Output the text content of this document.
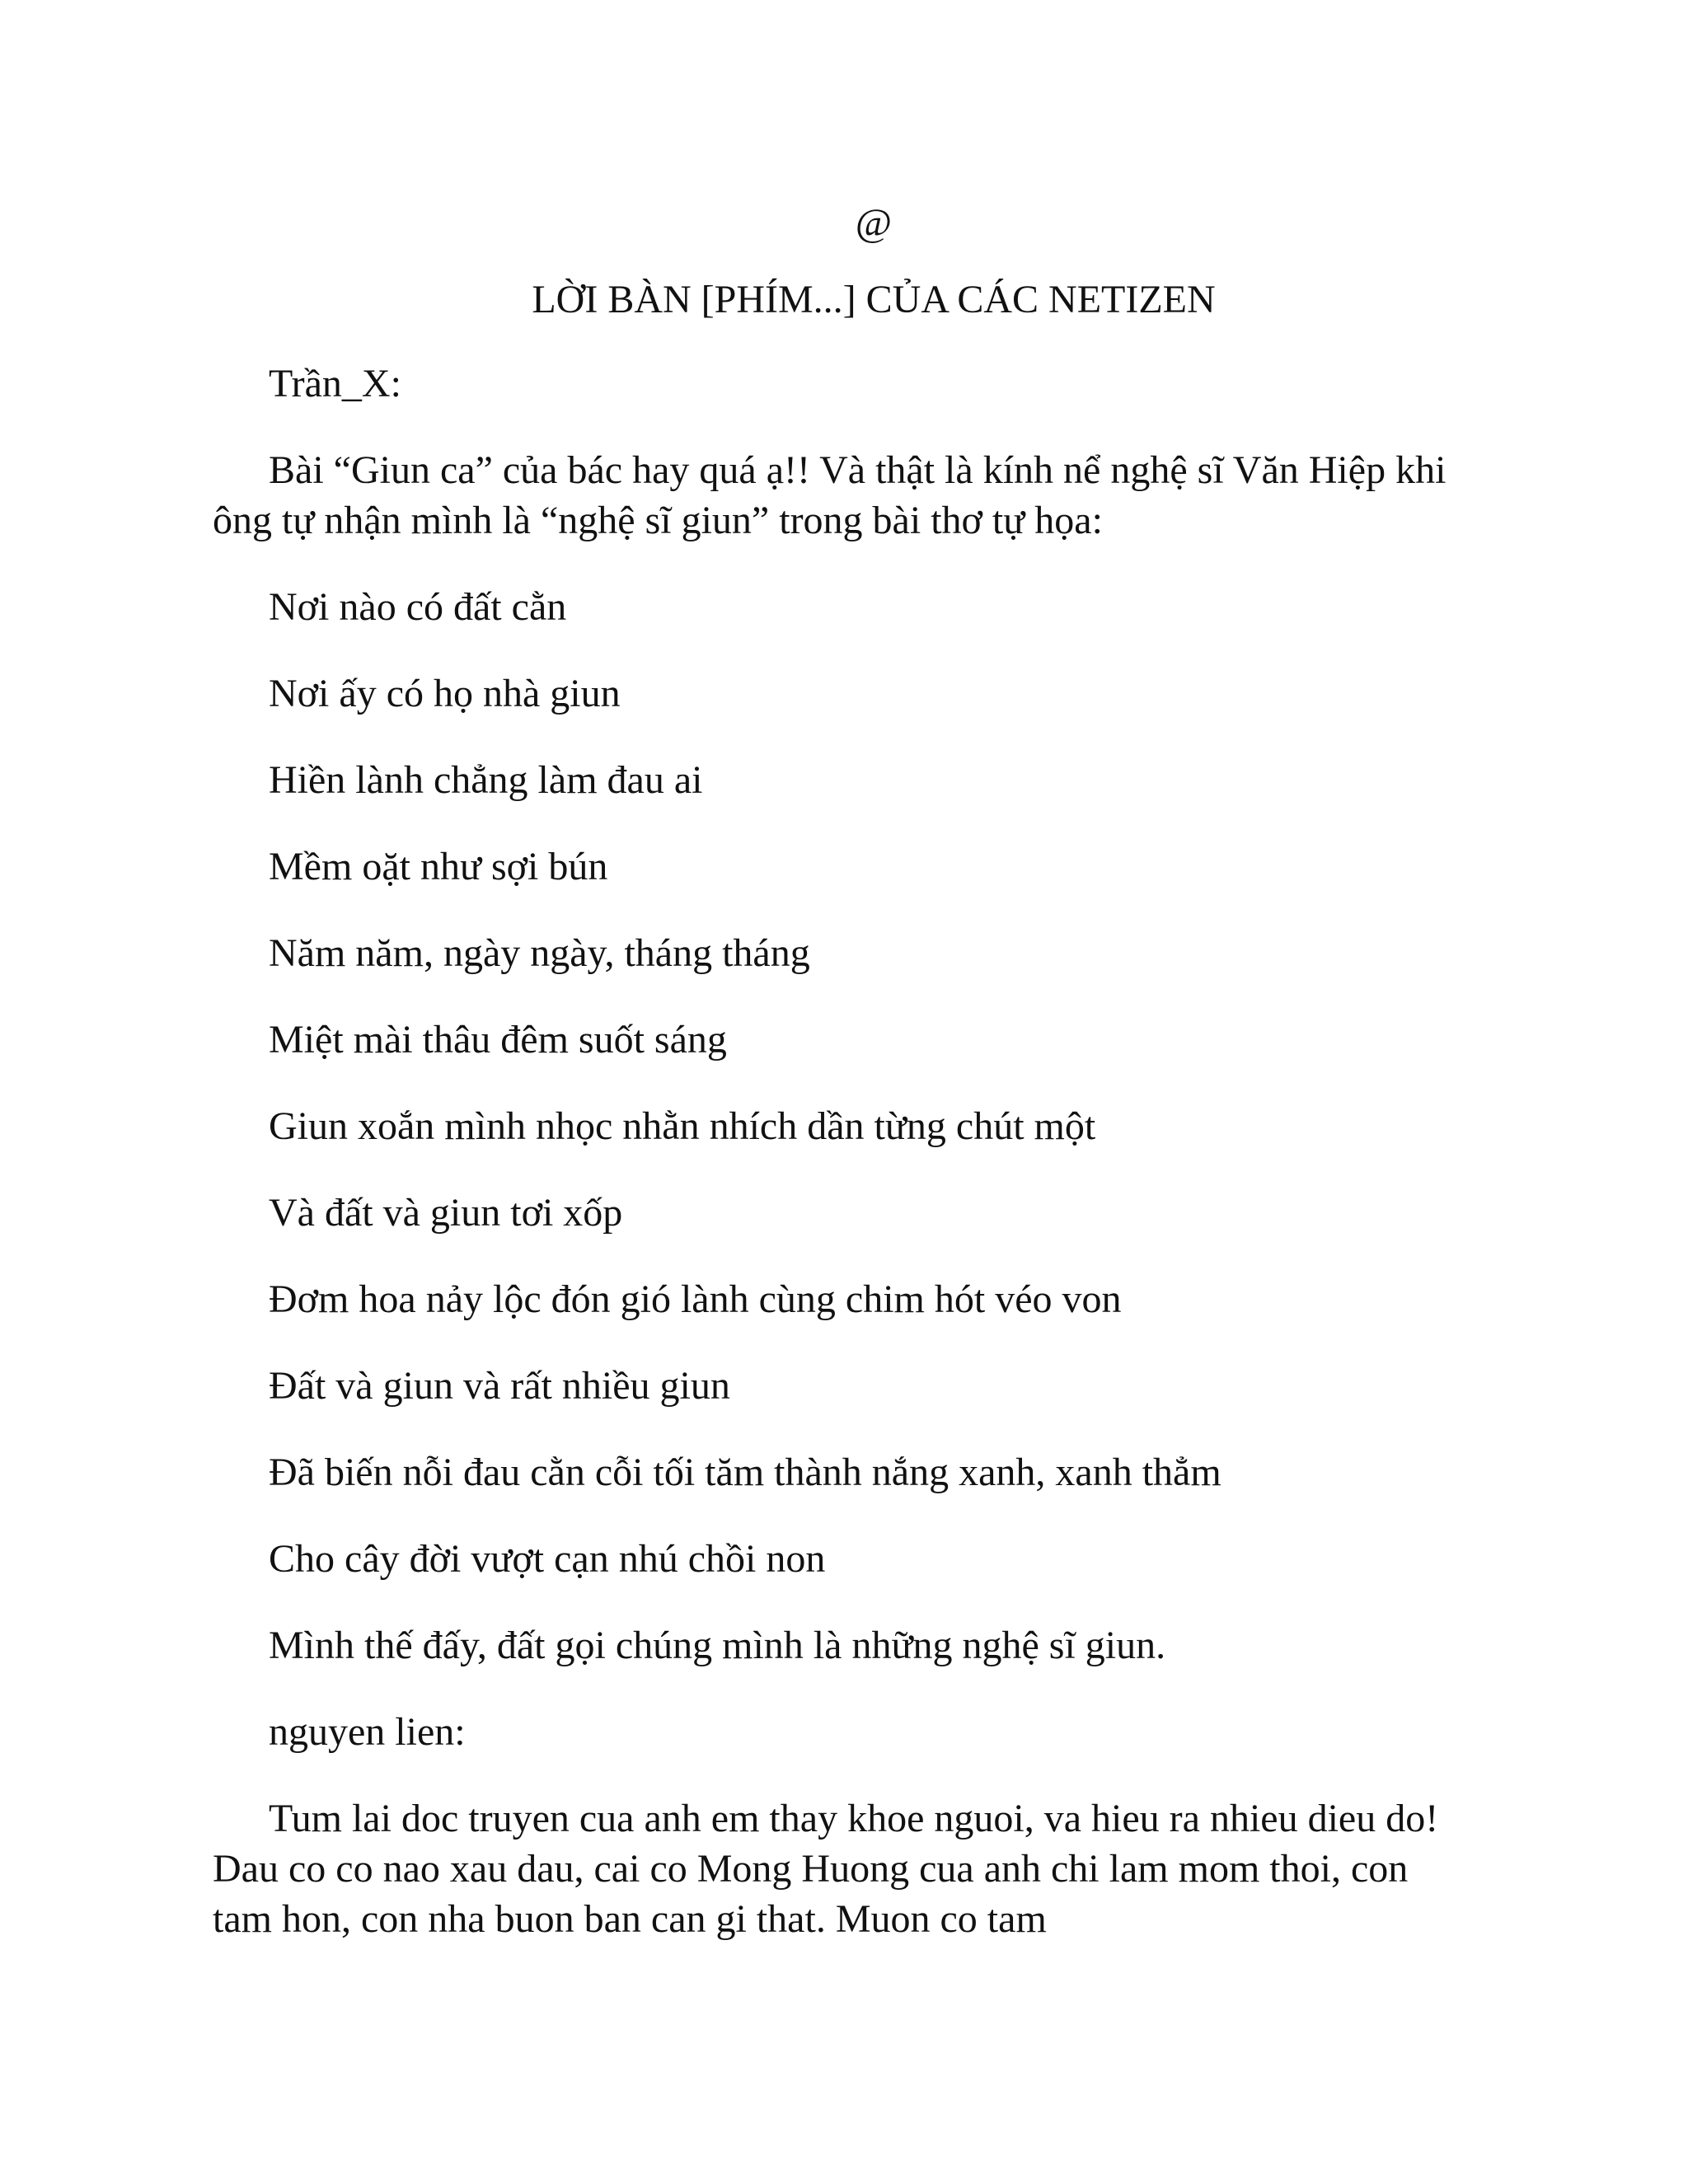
@
LỜI BÀN [PHÍM...] CỦA CÁC NETIZEN

Trần_X:

Bài “Giun ca” của bác hay quá ạ!! Và thật là kính nể nghệ sĩ Văn Hiệp khi ông tự nhận mình là “nghệ sĩ giun” trong bài thơ tự họa:

Nơi nào có đất cằn

Nơi ấy có họ nhà giun

Hiền lành chẳng làm đau ai

Mềm oặt như sợi bún

Năm năm, ngày ngày, tháng tháng

Miệt mài thâu đêm suốt sáng

Giun xoắn mình nhọc nhằn nhích dần từng chút một

Và đất và giun tơi xốp

Đơm hoa nảy lộc đón gió lành cùng chim hót véo von

Đất và giun và rất nhiều giun

Đã biến nỗi đau cằn cỗi tối tăm thành nắng xanh, xanh thẳm

Cho cây đời vượt cạn nhú chồi non

Mình thế đấy, đất gọi chúng mình là những nghệ sĩ giun.

nguyen lien:

Tum lai doc truyen cua anh em thay khoe nguoi, va hieu ra nhieu dieu do! Dau co co nao xau dau, cai co Mong Huong cua anh chi lam mom thoi, con tam hon, con nha buon ban can gi that. Muon co tam
